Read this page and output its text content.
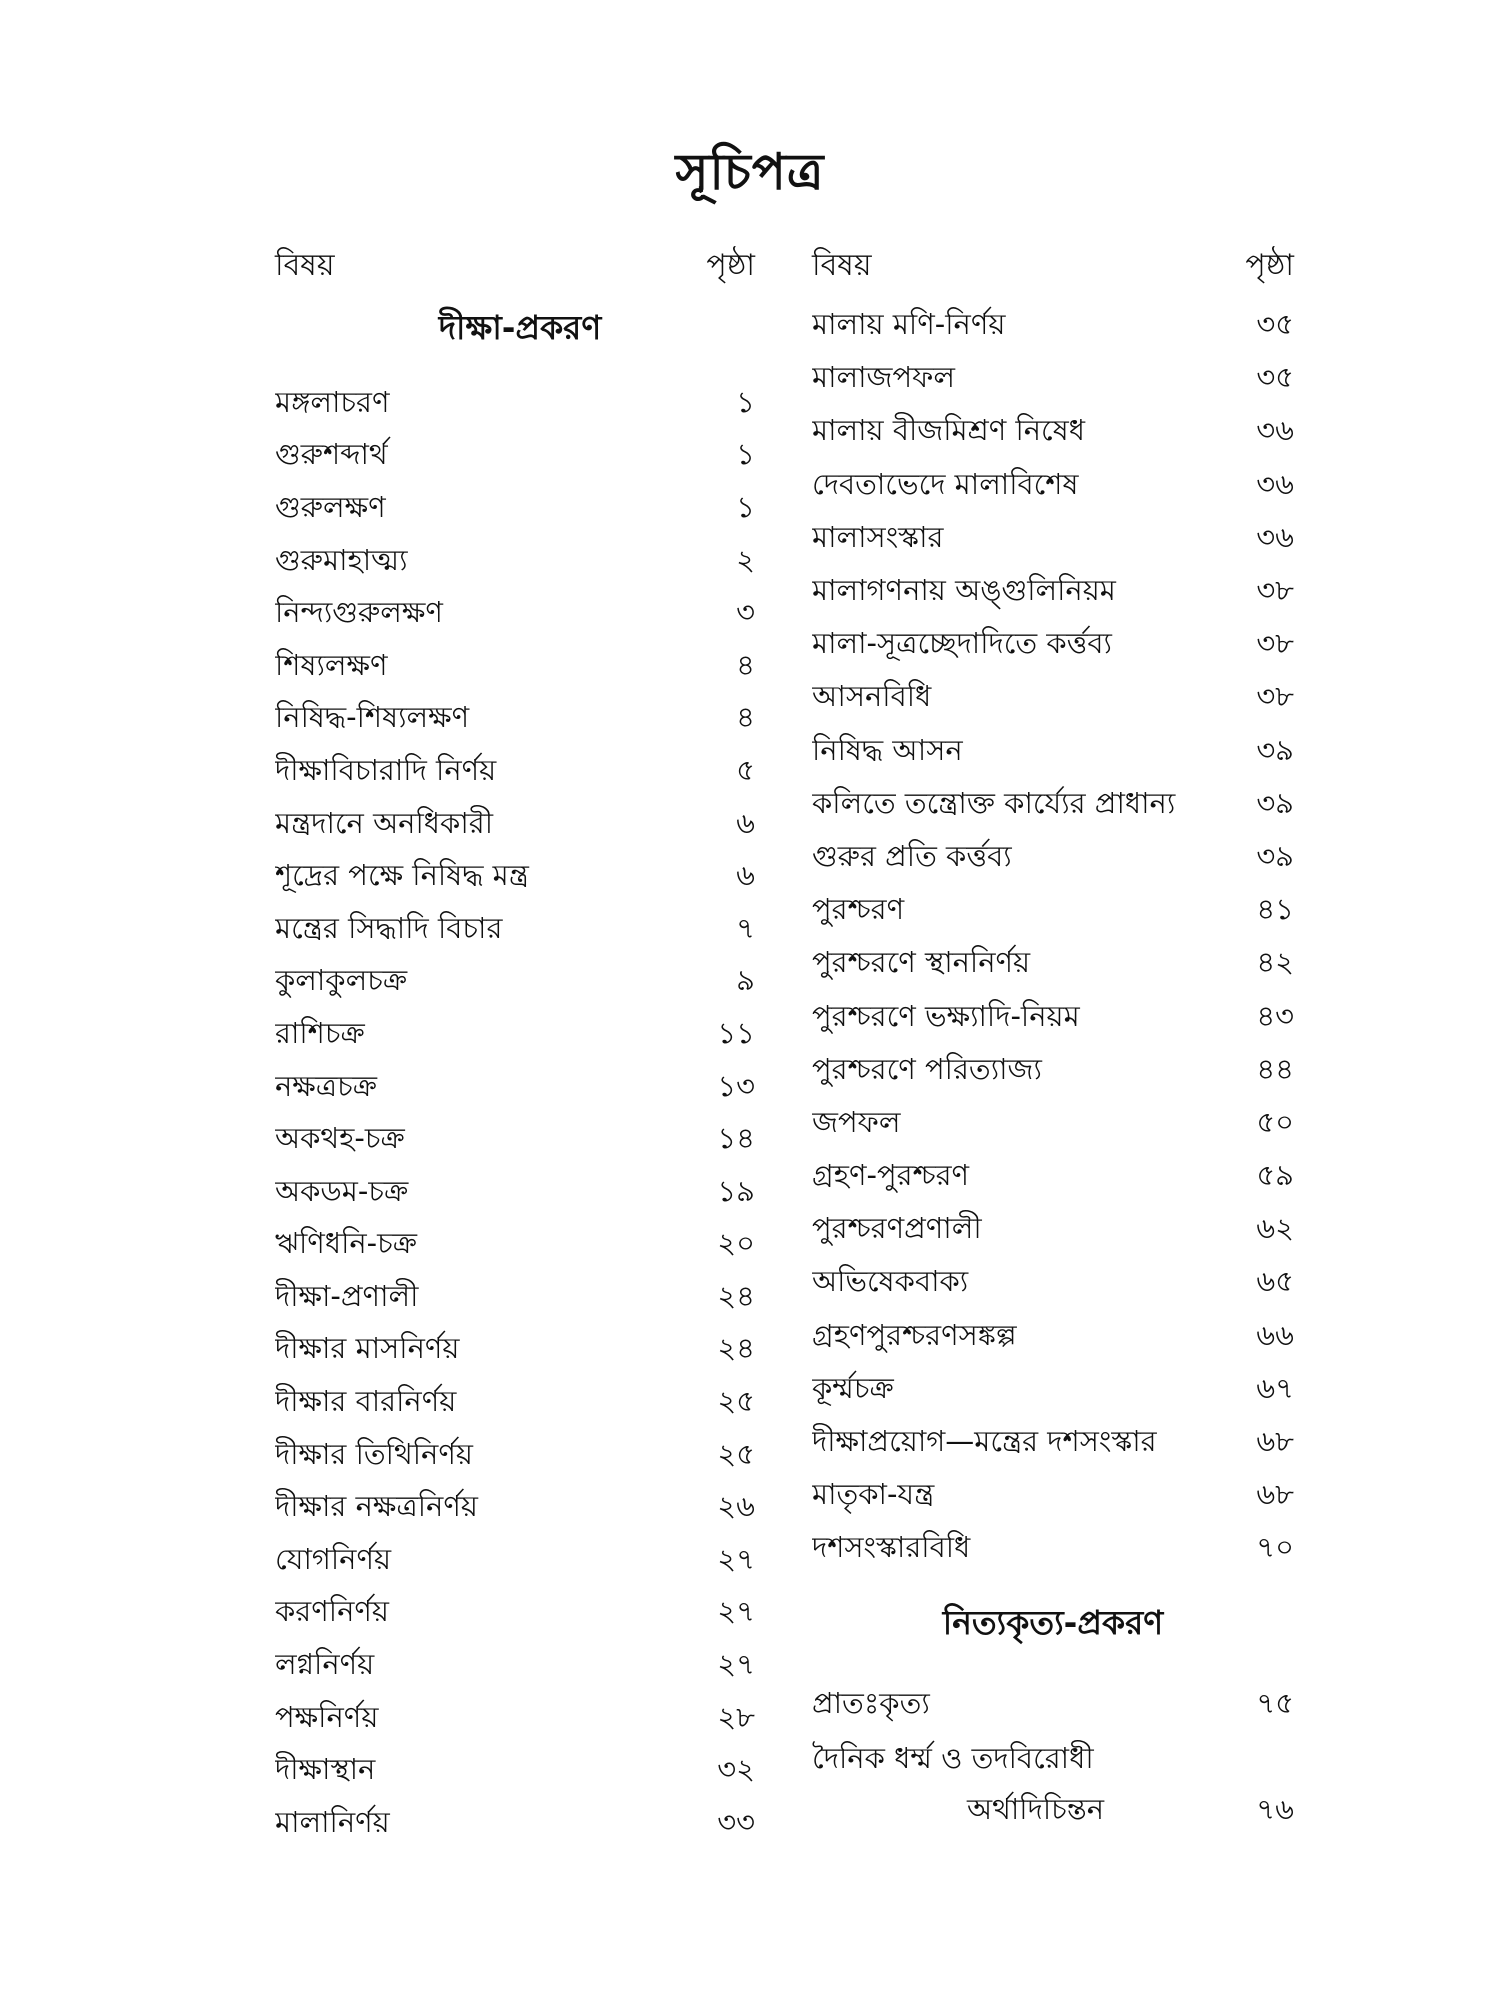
সূচিপত্র
বিষয়	পৃষ্ঠা
দীক্ষা-প্রকরণ
মঙ্গলাচরণ	১
গুরুশব্দার্থ	১
গুরুলক্ষণ	১
গুরুমাহাত্ম্য	২
নিন্দ্যগুরুলক্ষণ	৩
শিষ্যলক্ষণ	৪
নিষিদ্ধ-শিষ্যলক্ষণ	৪
দীক্ষাবিচারাদি নির্ণয়	৫
মন্ত্রদানে অনধিকারী	৬
শূদ্রের পক্ষে নিষিদ্ধ মন্ত্র	৬
মন্ত্রের সিদ্ধাদি বিচার	৭
কুলাকুলচক্র	৯
রাশিচক্র	১১
নক্ষত্রচক্র	১৩
অকথহ-চক্র	১৪
অকডম-চক্র	১৯
ঋণিধনি-চক্র	২০
দীক্ষা-প্রণালী	২৪
দীক্ষার মাসনির্ণয়	২৪
দীক্ষার বারনির্ণয়	২৫
দীক্ষার তিথিনির্ণয়	২৫
দীক্ষার নক্ষত্রনির্ণয়	২৬
যোগনির্ণয়	২৭
করণনির্ণয়	২৭
লগ্ননির্ণয়	২৭
পক্ষনির্ণয়	২৮
দীক্ষাস্থান	৩২
মালানির্ণয়	৩৩
বিষয়	পৃষ্ঠা
মালায় মণি-নির্ণয়	৩৫
মালাজপফল	৩৫
মালায় বীজমিশ্রণ নিষেধ	৩৬
দেবতাভেদে মালাবিশেষ	৩৬
মালাসংস্কার	৩৬
মালাগণনায় অঙ্গুলিনিয়ম	৩৮
মালা-সূত্রচ্ছেদাদিতে কর্ত্তব্য	৩৮
আসনবিধি	৩৮
নিষিদ্ধ আসন	৩৯
কলিতে তন্ত্রোক্ত কার্য্যের প্রাধান্য	৩৯
গুরুর প্রতি কর্ত্তব্য	৩৯
পুরশ্চরণ	৪১
পুরশ্চরণে স্থাননির্ণয়	৪২
পুরশ্চরণে ভক্ষ্যাদি-নিয়ম	৪৩
পুরশ্চরণে পরিত্যাজ্য	৪৪
জপফল	৫০
গ্রহণ-পুরশ্চরণ	৫৯
পুরশ্চরণপ্রণালী	৬২
অভিষেকবাক্য	৬৫
গ্রহণপুরশ্চরণসঙ্কল্প	৬৬
কূর্ম্মচক্র	৬৭
দীক্ষাপ্রয়োগ—মন্ত্রের দশসংস্কার	৬৮
মাতৃকা-যন্ত্র	৬৮
দশসংস্কারবিধি	৭০
নিত্যকৃত্য-প্রকরণ
প্রাতঃকৃত্য	৭৫
দৈনিক ধর্ম্ম ও তদবিরোধী
অর্থাদিচিন্তন	৭৬
